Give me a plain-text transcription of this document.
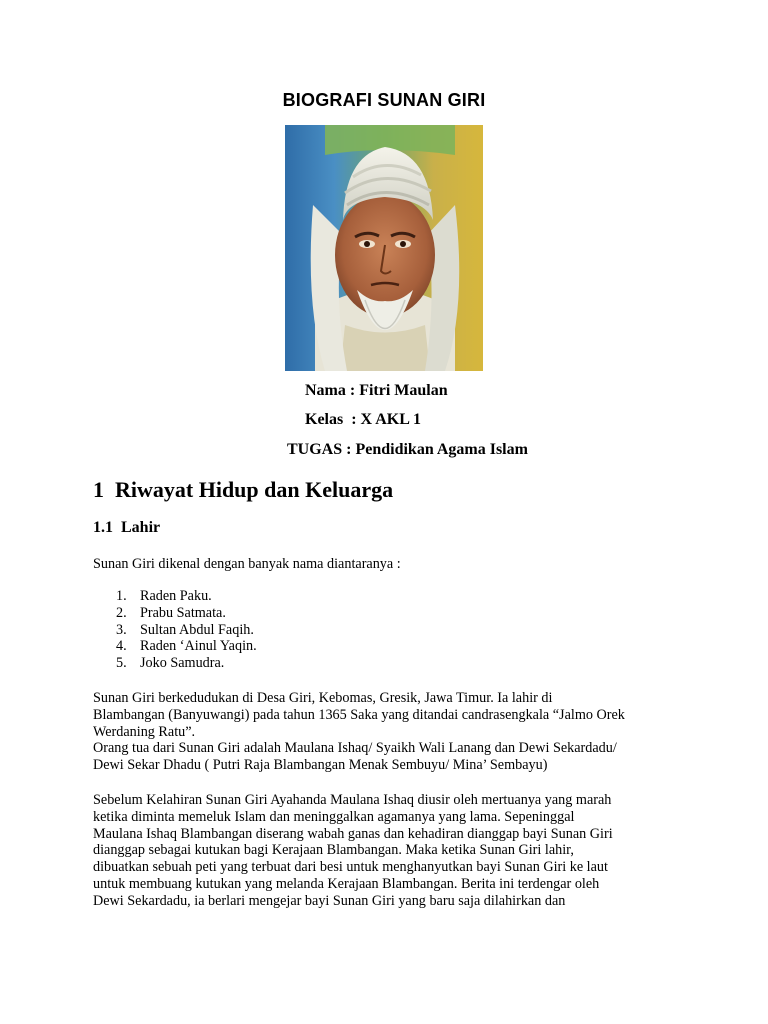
BIOGRAFI SUNAN GIRI
Nama : Fitri Maulan
Kelas  : X AKL 1
TUGAS : Pendidikan Agama Islam
1  Riwayat Hidup dan Keluarga
1.1  Lahir
Sunan Giri dikenal dengan banyak nama diantaranya :
1. Raden Paku.
2. Prabu Satmata.
3. Sultan Abdul Faqih.
4. Raden ‘Ainul Yaqin.
5. Joko Samudra.
Sunan Giri berkedudukan di Desa Giri, Kebomas, Gresik, Jawa Timur. Ia lahir di
Blambangan (Banyuwangi) pada tahun 1365 Saka yang ditandai candrasengkala “Jalmo Orek
Werdaning Ratu”.
Orang tua dari Sunan Giri adalah Maulana Ishaq/ Syaikh Wali Lanang dan Dewi Sekardadu/
Dewi Sekar Dhadu ( Putri Raja Blambangan Menak Sembuyu/ Mina’ Sembayu)
Sebelum Kelahiran Sunan Giri Ayahanda Maulana Ishaq diusir oleh mertuanya yang marah
ketika diminta memeluk Islam dan meninggalkan agamanya yang lama. Sepeninggal
Maulana Ishaq Blambangan diserang wabah ganas dan kehadiran dianggap bayi Sunan Giri
dianggap sebagai kutukan bagi Kerajaan Blambangan. Maka ketika Sunan Giri lahir,
dibuatkan sebuah peti yang terbuat dari besi untuk menghanyutkan bayi Sunan Giri ke laut
untuk membuang kutukan yang melanda Kerajaan Blambangan. Berita ini terdengar oleh
Dewi Sekardadu, ia berlari mengejar bayi Sunan Giri yang baru saja dilahirkan dan
